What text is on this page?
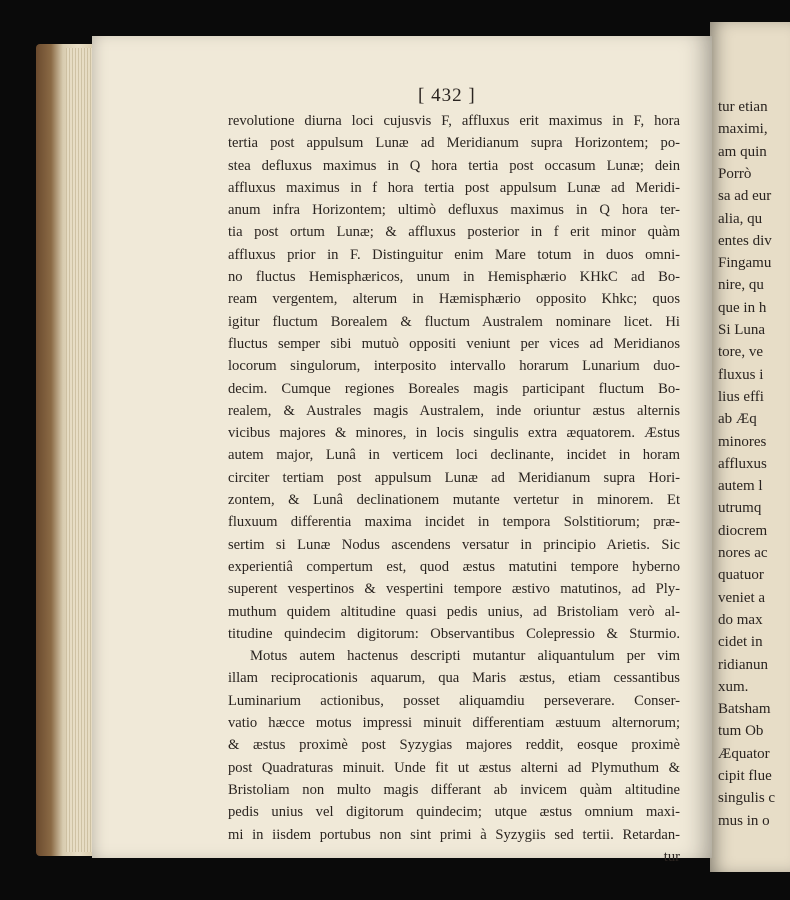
tur etian
maximi,
am quin
Porrò
sa ad eur
alia, qu
entes div
Fingamu
nire, qu
que in h
Si Luna
tore, ve
fluxus i
lius effi
ab Æq
minores
affluxus
autem l
utrumq
diocrem
nores ac
quatuor
veniet a
do max
cidet in
ridianun
xum.
Batsham
tum Ob
Æquator
cipit flue
singulis c
mus in o
[ 432 ]
revolutione diurna loci cujusvis F, affluxus erit maximus in F, hora
tertia post appulsum Lunæ ad Meridianum supra Horizontem; po-
stea defluxus maximus in Q hora tertia post occasum Lunæ; dein
affluxus maximus in f hora tertia post appulsum Lunæ ad Meridi-
anum infra Horizontem; ultimò defluxus maximus in Q hora ter-
tia post ortum Lunæ; & affluxus posterior in f erit minor quàm
affluxus prior in F. Distinguitur enim Mare totum in duos omni-
no fluctus Hemisphæricos, unum in Hemisphærio KHkC ad Bo-
ream vergentem, alterum in Hæmisphærio opposito Khkc; quos
igitur fluctum Borealem & fluctum Australem nominare licet. Hi
fluctus semper sibi mutuò oppositi veniunt per vices ad Meridianos
locorum singulorum, interposito intervallo horarum Lunarium duo-
decim. Cumque regiones Boreales magis participant fluctum Bo-
realem, & Australes magis Australem, inde oriuntur æstus alternis
vicibus majores & minores, in locis singulis extra æquatorem. Æstus
autem major, Lunâ in verticem loci declinante, incidet in horam
circiter tertiam post appulsum Lunæ ad Meridianum supra Hori-
zontem, & Lunâ declinationem mutante vertetur in minorem. Et
fluxuum differentia maxima incidet in tempora Solstitiorum; præ-
sertim si Lunæ Nodus ascendens versatur in principio Arietis. Sic
experientiâ compertum est, quod æstus matutini tempore hyberno
superent vespertinos & vespertini tempore æstivo matutinos, ad Ply-
muthum quidem altitudine quasi pedis unius, ad Bristoliam verò al-
titudine quindecim digitorum: Observantibus Colepressio & Sturmio.
Motus autem hactenus descripti mutantur aliquantulum per vim
illam reciprocationis aquarum, qua Maris æstus, etiam cessantibus
Luminarium actionibus, posset aliquamdiu perseverare. Conser-
vatio hæcce motus impressi minuit differentiam æstuum alternorum;
& æstus proximè post Syzygias majores reddit, eosque proximè
post Quadraturas minuit. Unde fit ut æstus alterni ad Plymuthum &
Bristoliam non multo magis differant ab invicem quàm altitudine
pedis unius vel digitorum quindecim; utque æstus omnium maxi-
mi in iisdem portubus non sint primi à Syzygiis sed tertii. Retardan-
tur
